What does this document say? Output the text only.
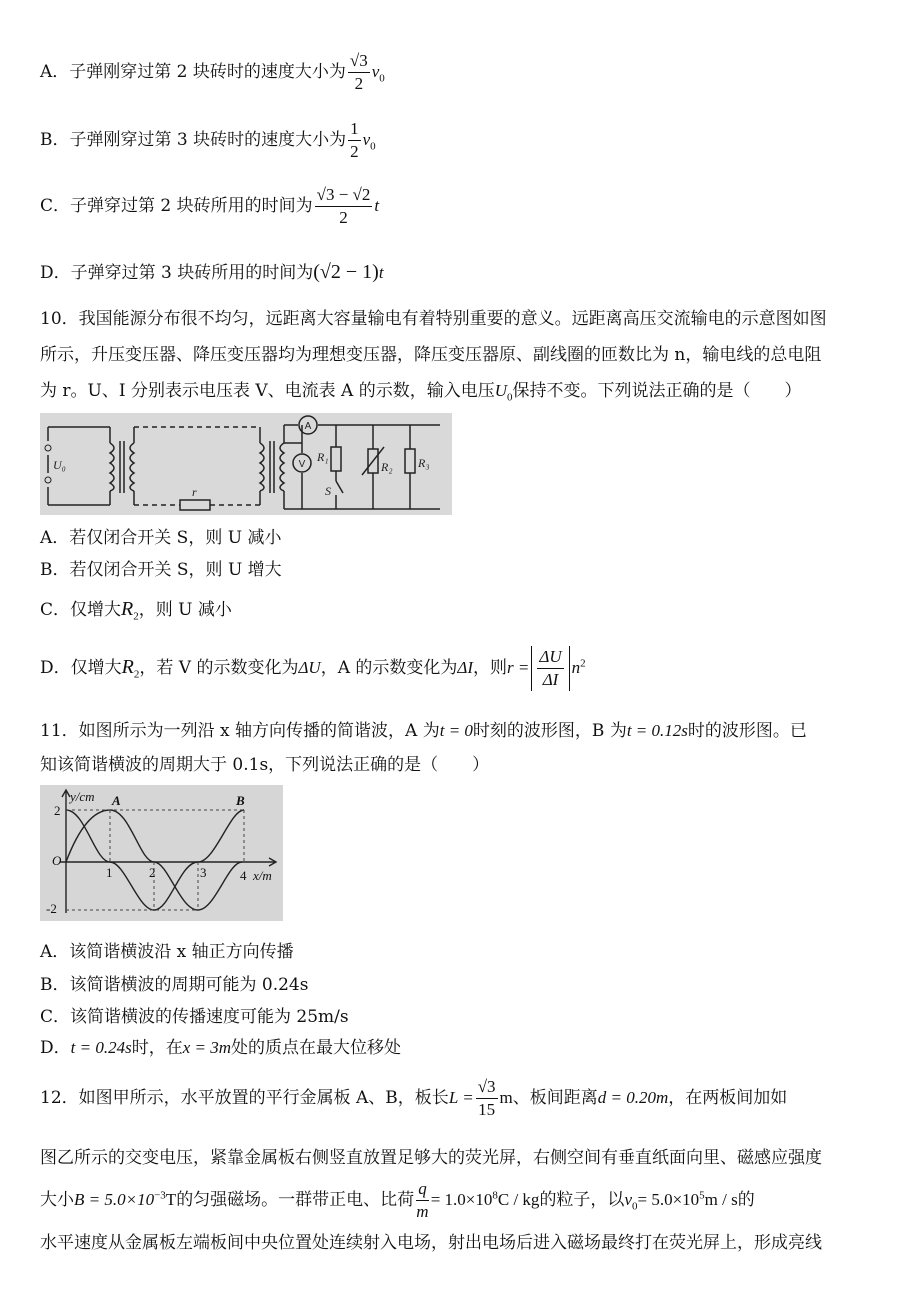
A．子弹刚穿过第 2 块砖时的速度大小为 $\frac{√3}{2} v_0$
B．子弹刚穿过第 3 块砖时的速度大小为 $\frac{1}{2} v_0$
C．子弹穿过第 2 块砖所用的时间为 $\frac{√3 - √2}{2}$ t
D．子弹穿过第 3 块砖所用的时间为(√2 − 1)t
10．我国能源分布很不均匀，远距离大容量输电有着特别重要的意义。远距离高压交流输电的示意图如图
所示，升压变压器、降压变压器均为理想变压器，降压变压器原、副线圈的匝数比为 n，输电线的总电阻
为 r。U、I 分别表示电压表 V、电流表 A 的示数，输入电压$U_0$保持不变。下列说法正确的是（　　）
U₀
r
R₁
R₂ R₃
S
V
A
A．若仅闭合开关 S，则 U 减小
B．若仅闭合开关 S，则 U 增大
C．仅增大$R_2$，则 U 减小
D．仅增大$R_2$，若 V 的示数变化为ΔU，A 的示数变化为ΔI，则$r = \frac{\Delta U}{\Delta I} n^2$
11．如图所示为一列沿 x 轴方向传播的简谐波，A 为t = 0时刻的波形图，B 为t = 0.12s时的波形图。已
知该简谐横波的周期大于 0.1s，下列说法正确的是（　　）
y/cm
x/m
A	B
O
2
-2
1	2	3	4
A．该简谐横波沿 x 轴正方向传播
B．该简谐横波的周期可能为 0.24s
C．该简谐横波的传播速度可能为 25m/s
D．t = 0.24s时，在x = 3m处的质点在最大位移处
12．如图甲所示，水平放置的平行金属板 A、B，板长$L = \frac{√3}{15}$ m、板间距离d = 0.20m，在两板间加如
图乙所示的交变电压，紧靠金属板右侧竖直放置足够大的荧光屏，右侧空间有垂直纸面向里、磁感应强度
大小$B = 5.0\times 10^{-3}T$的匀强磁场。一群带正电、比荷 $\frac{q}{m} = 1.0\times 10^8C$ / kg的粒子，以$v_0= 5.0\times 10^5m / s$的
水平速度从金属板左端板间中央位置处连续射入电场，射出电场后进入磁场最终打在荧光屏上，形成亮线
